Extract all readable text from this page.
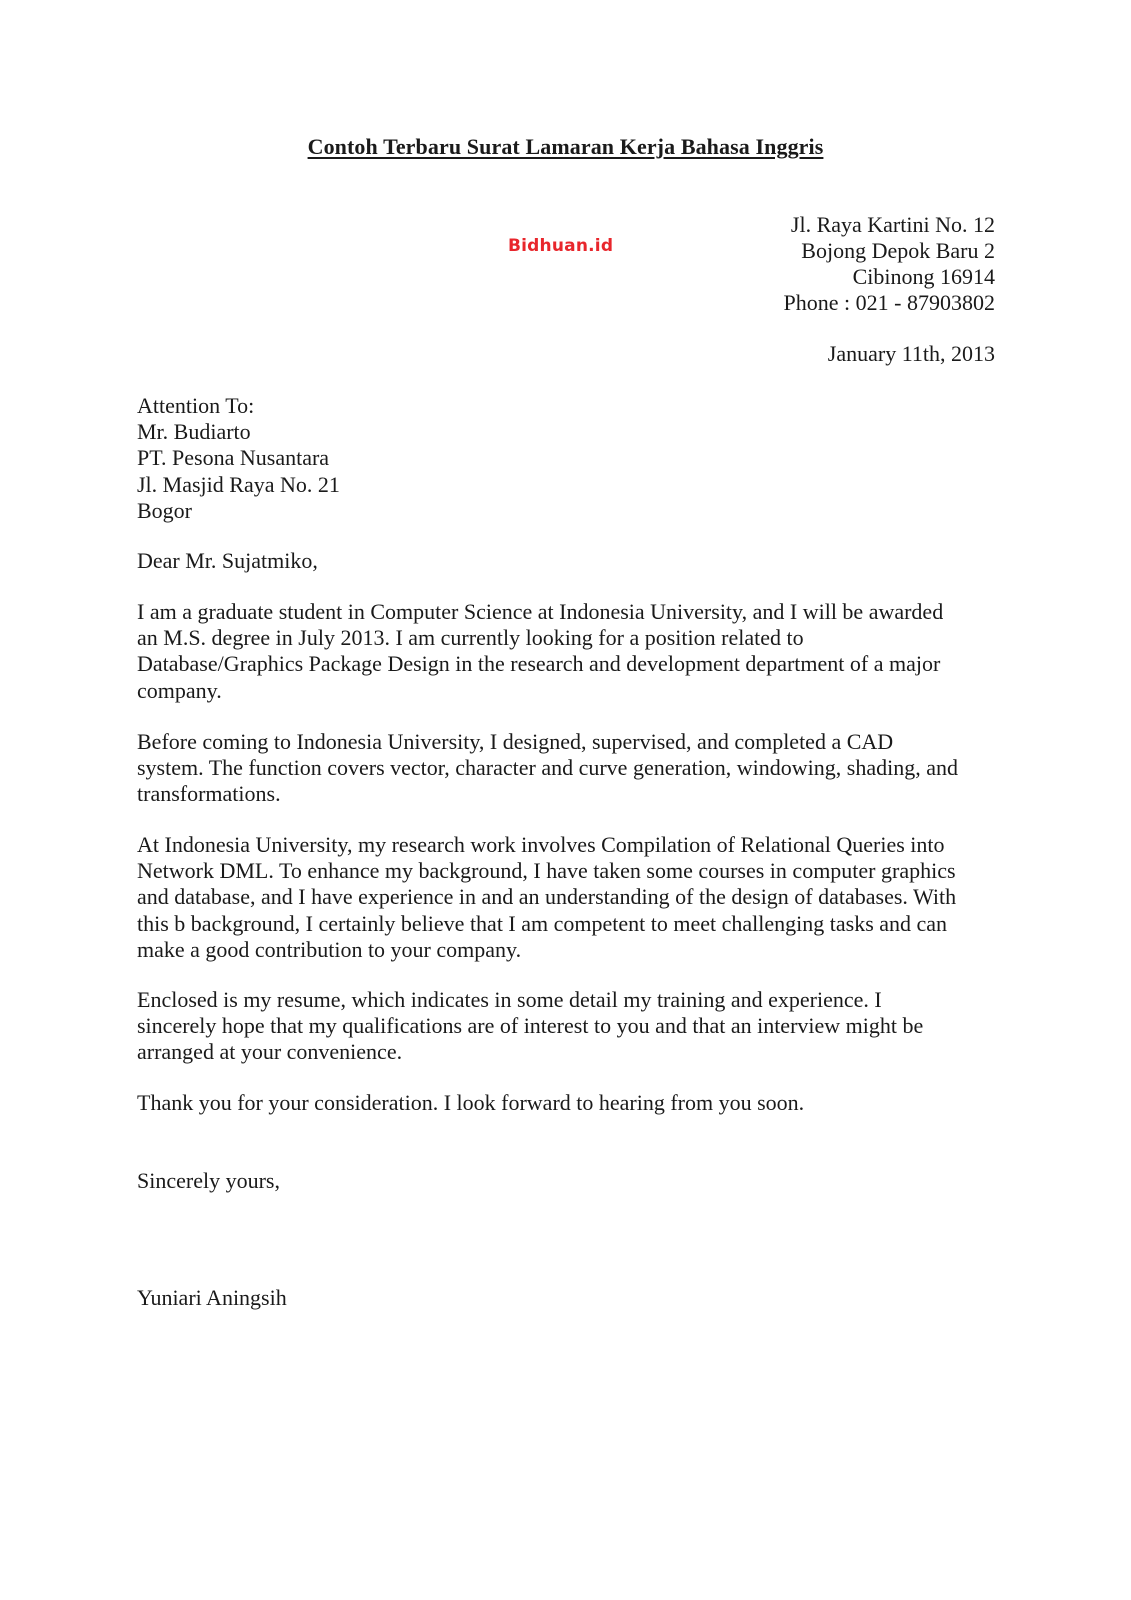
Contoh Terbaru Surat Lamaran Kerja Bahasa Inggris
Bidhuan.id
Jl. Raya Kartini No. 12
Bojong Depok Baru 2
Cibinong 16914
Phone : 021 - 87903802
January 11th, 2013
Attention To:
Mr. Budiarto
PT. Pesona Nusantara
Jl. Masjid Raya No. 21
Bogor
Dear Mr. Sujatmiko,
I am a graduate student in Computer Science at Indonesia University, and I will be awarded
an M.S. degree in July 2013. I am currently looking for a position related to
Database/Graphics Package Design in the research and development department of a major
company.
Before coming to Indonesia University, I designed, supervised, and completed a CAD
system. The function covers vector, character and curve generation, windowing, shading, and
transformations.
At Indonesia University, my research work involves Compilation of Relational Queries into
Network DML. To enhance my background, I have taken some courses in computer graphics
and database, and I have experience in and an understanding of the design of databases. With
this b background, I certainly believe that I am competent to meet challenging tasks and can
make a good contribution to your company.
Enclosed is my resume, which indicates in some detail my training and experience. I
sincerely hope that my qualifications are of interest to you and that an interview might be
arranged at your convenience.
Thank you for your consideration. I look forward to hearing from you soon.
Sincerely yours,
Yuniari Aningsih
